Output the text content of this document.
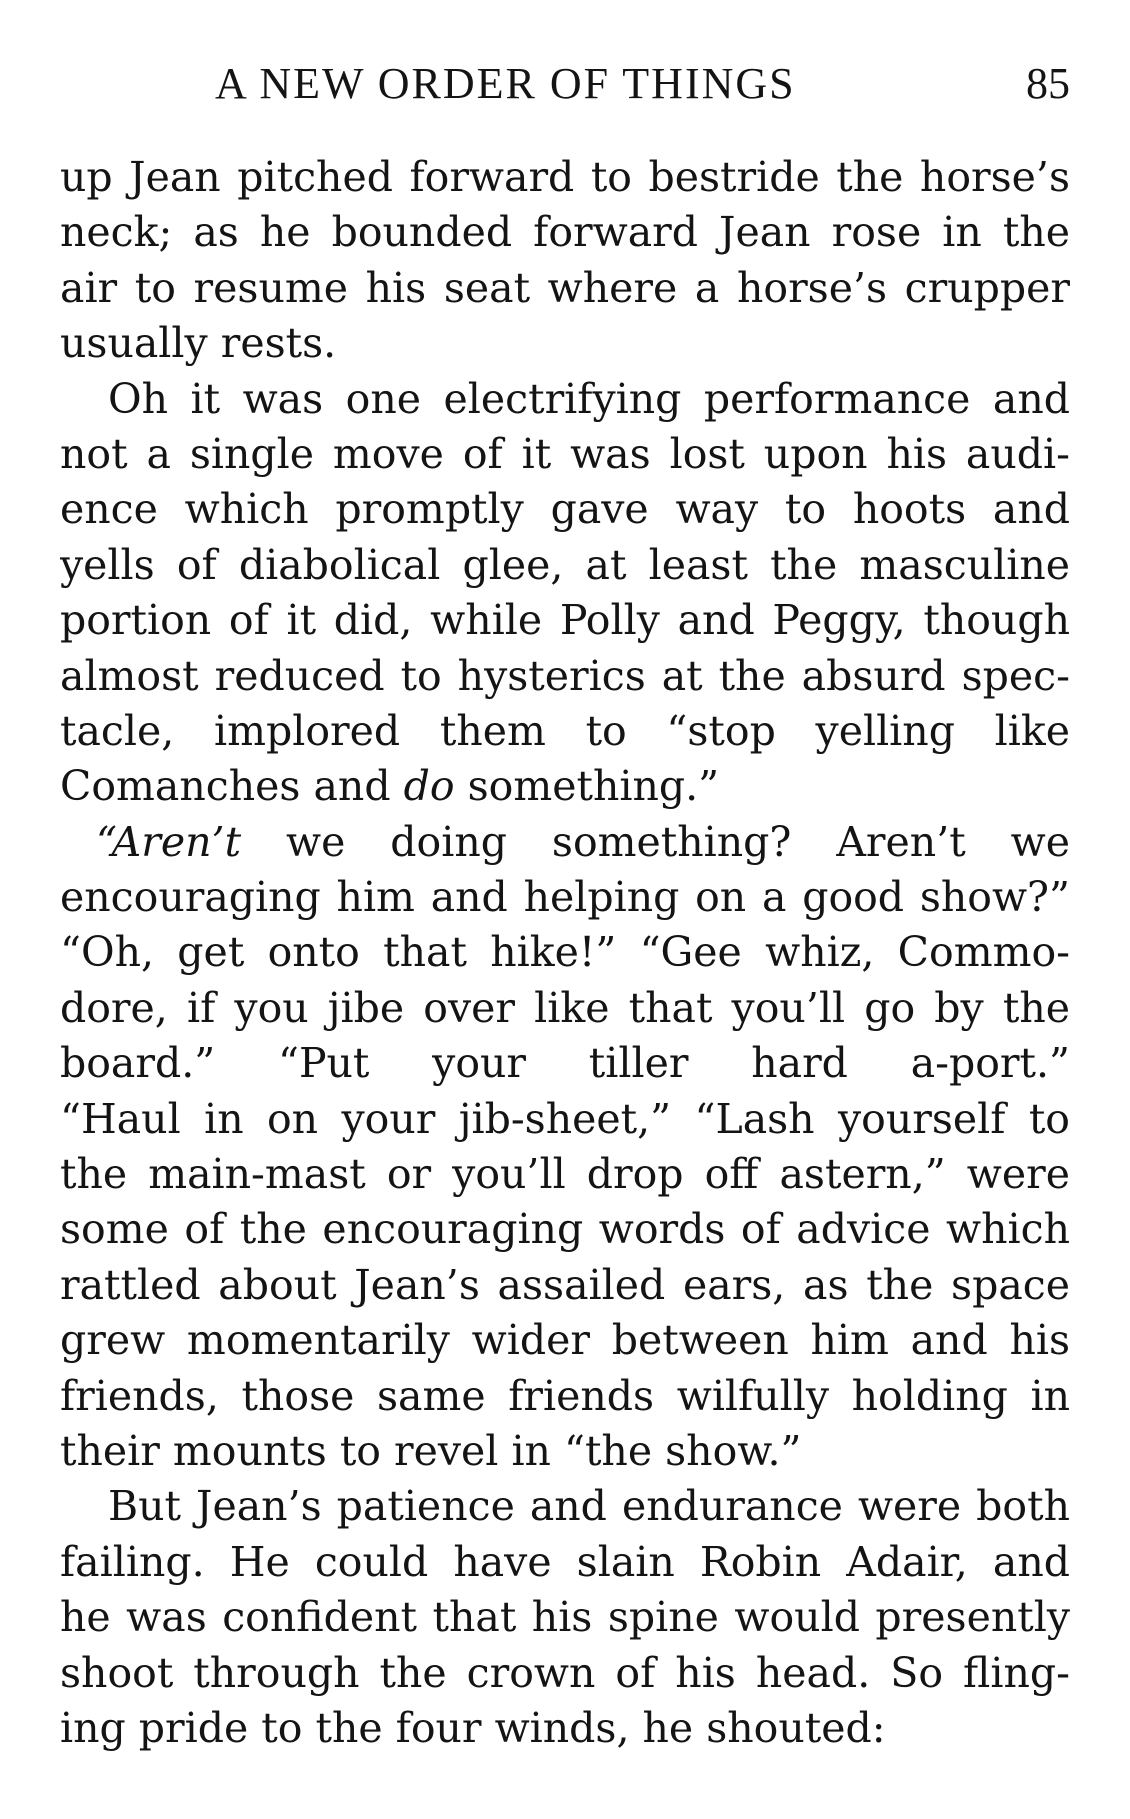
A NEW ORDER OF THINGS	85
up Jean pitched forward to bestride the horse’s
neck; as he bounded forward Jean rose in the
air to resume his seat where a horse’s crupper
usually rests.
Oh it was one electrifying performance and
not a single move of it was lost upon his audi-
ence which promptly gave way to hoots and
yells of diabolical glee, at least the masculine
portion of it did, while Polly and Peggy, though
almost reduced to hysterics at the absurd spec-
tacle, implored them to “stop yelling like
Comanches and do something.”
“Aren’t we doing something? Aren’t we
encouraging him and helping on a good show?”
“Oh, get onto that hike!” “Gee whiz, Commo-
dore, if you jibe over like that you’ll go by the
board.” “Put your tiller hard a-port.”
“Haul in on your jib-sheet,” “Lash yourself to
the main-mast or you’ll drop off astern,” were
some of the encouraging words of advice which
rattled about Jean’s assailed ears, as the space
grew momentarily wider between him and his
friends, those same friends wilfully holding in
their mounts to revel in “the show.”
But Jean’s patience and endurance were both
failing. He could have slain Robin Adair, and
he was confident that his spine would presently
shoot through the crown of his head. So fling-
ing pride to the four winds, he shouted:
